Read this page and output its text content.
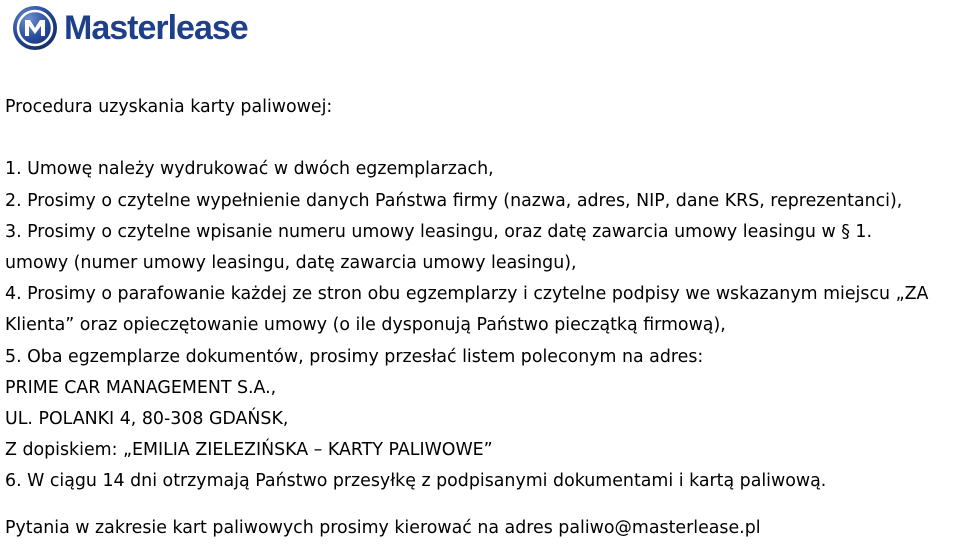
Masterlease
Procedura uzyskania karty paliwowej:
1. Umowę należy wydrukować w dwóch egzemplarzach,
2. Prosimy o czytelne wypełnienie danych Państwa firmy (nazwa, adres, NIP, dane KRS, reprezentanci),
3. Prosimy o czytelne wpisanie numeru umowy leasingu, oraz datę zawarcia umowy leasingu w § 1.
umowy (numer umowy leasingu, datę zawarcia umowy leasingu),
4. Prosimy o parafowanie każdej ze stron obu egzemplarzy i czytelne podpisy we wskazanym miejscu „ZA
Klienta” oraz opieczętowanie umowy (o ile dysponują Państwo pieczątką firmową),
5. Oba egzemplarze dokumentów, prosimy przesłać listem poleconym na adres:
PRIME CAR MANAGEMENT S.A.,
UL. POLANKI 4, 80-308 GDAŃSK,
Z dopiskiem: „EMILIA ZIELEZIŃSKA – KARTY PALIWOWE”
6. W ciągu 14 dni otrzymają Państwo przesyłkę z podpisanymi dokumentami i kartą paliwową.
Pytania w zakresie kart paliwowych prosimy kierować na adres paliwo@masterlease.pl
